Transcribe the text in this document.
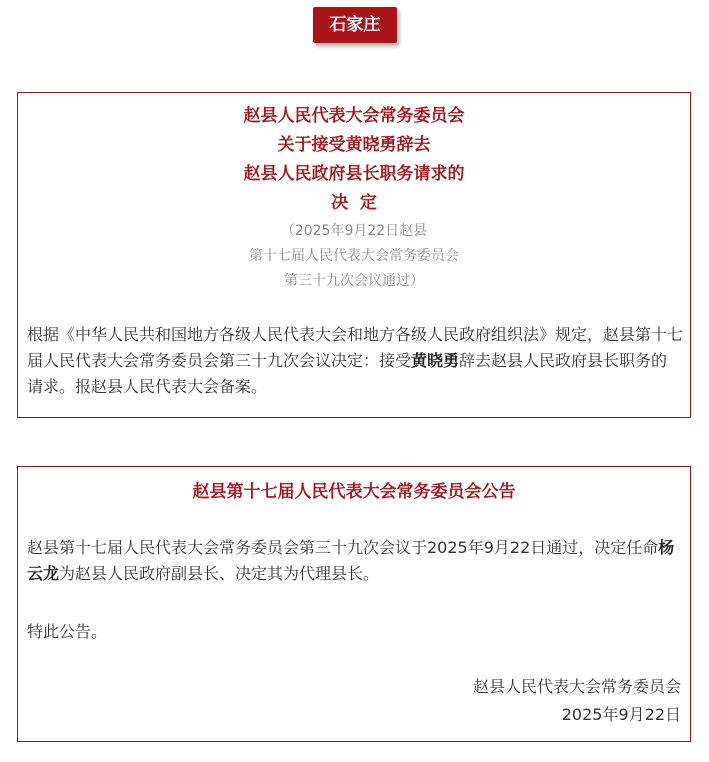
石家庄
赵县人民代表大会常务委员会
关于接受黄晓勇辞去
赵县人民政府县长职务请求的
决  定
（2025年9月22日赵县
第十七届人民代表大会常务委员会
第三十九次会议通过）

根据《中华人民共和国地方各级人民代表大会和地方各级人民政府组织法》规定，赵县第十七届人民代表大会常务委员会第三十九次会议决定：接受黄晓勇辞去赵县人民政府县长职务的请求。报赵县人民代表大会备案。

赵县第十七届人民代表大会常务委员会公告

赵县第十七届人民代表大会常务委员会第三十九次会议于2025年9月22日通过，决定任命杨云龙为赵县人民政府副县长、决定其为代理县长。

特此公告。

赵县人民代表大会常务委员会
2025年9月22日
